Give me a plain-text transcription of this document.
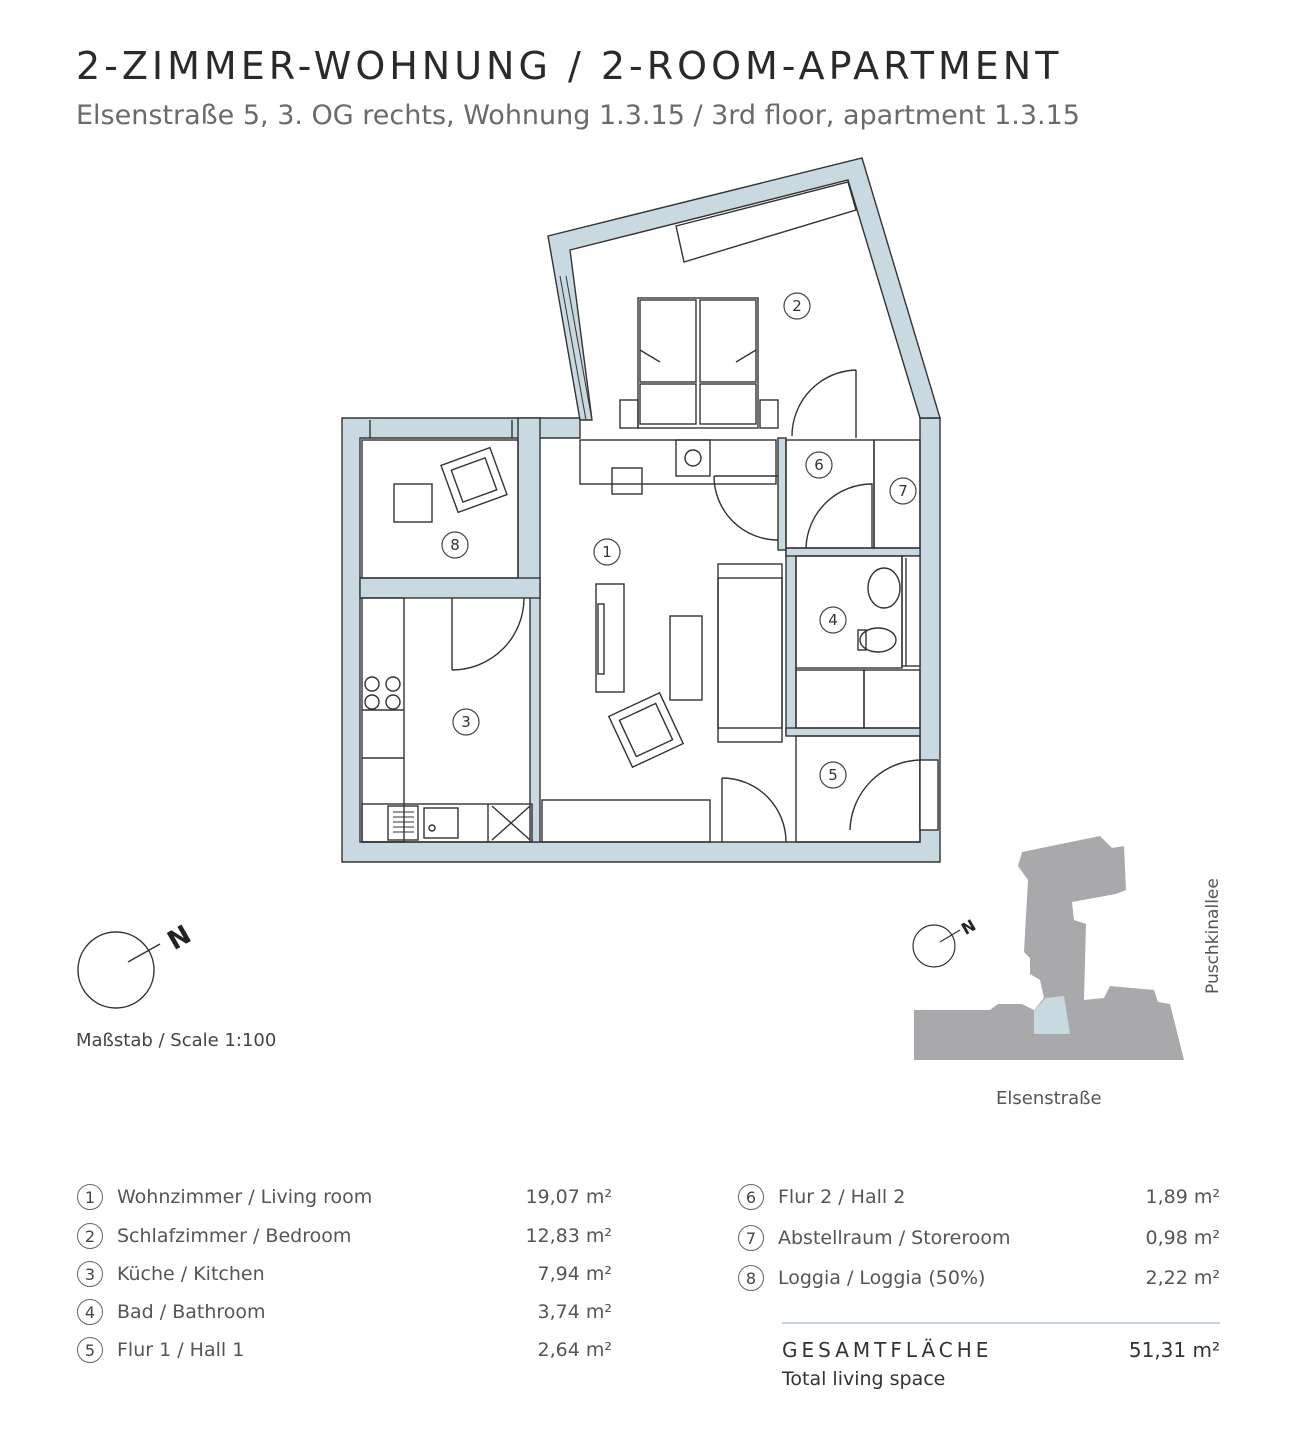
2-ZIMMER-WOHNUNG / 2-ROOM-APARTMENT
Elsenstraße 5, 3. OG rechts, Wohnung 1.3.15 / 3rd floor, apartment 1.3.15
1
2
3
4
5
6
7
8
N	N	Puschkinallee
Maßstab / Scale 1:100
Elsenstraße
1	Wohnzimmer / Living room	19,07 m²
2	Schlafzimmer / Bedroom	12,83 m²
3	Küche / Kitchen	7,94 m²
4	Bad / Bathroom	3,74 m²
5	Flur 1 / Hall 1	2,64 m²
6	Flur 2 / Hall 2	1,89 m²
7	Abstellraum / Storeroom	0,98 m²
8	Loggia / Loggia (50%)	2,22 m²
GESAMTFLÄCHE
Total living space
51,31 m²
